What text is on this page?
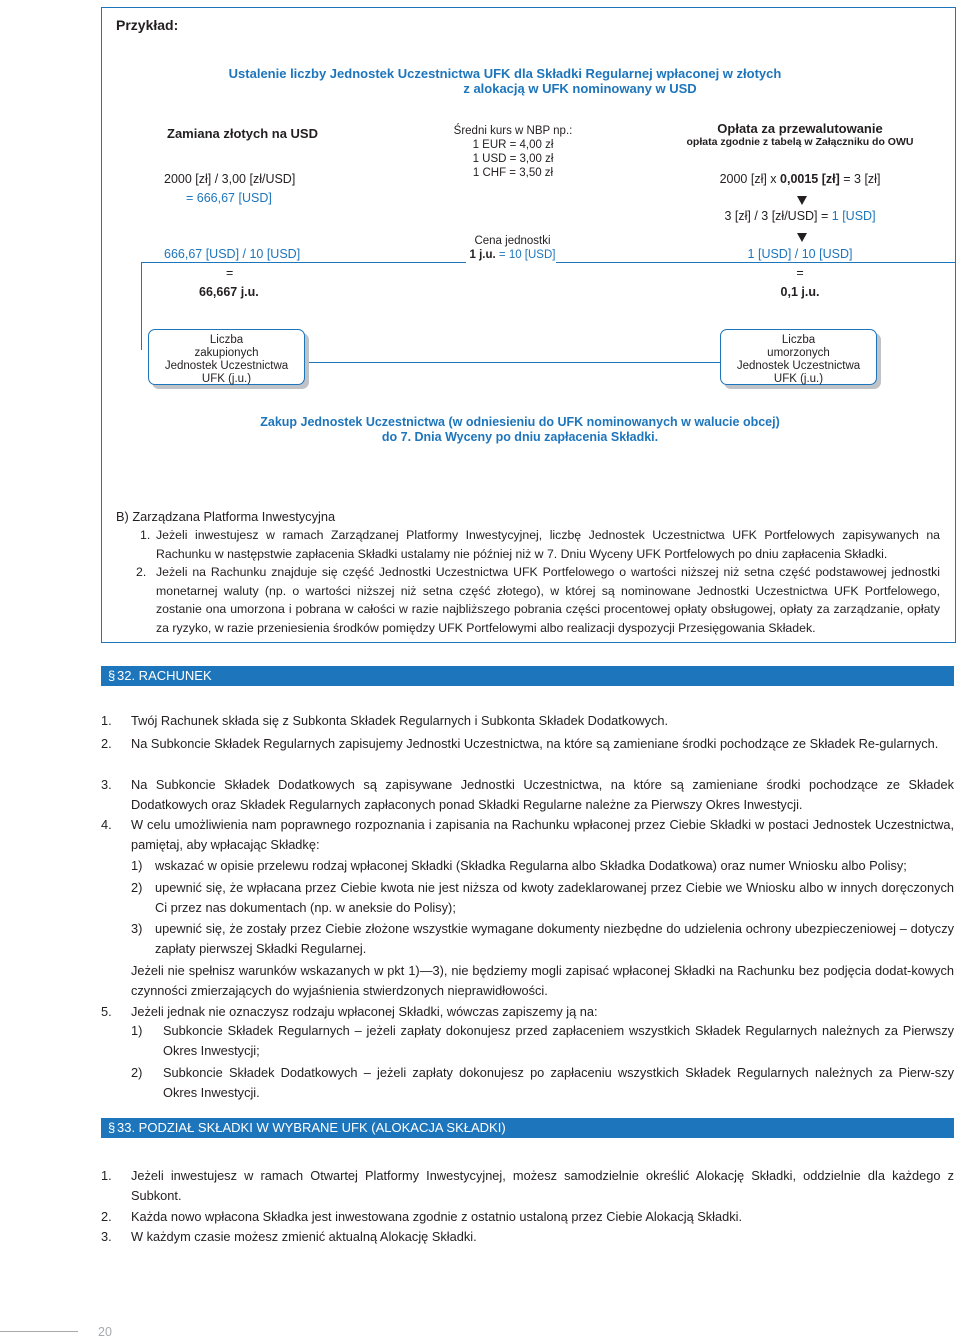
Przykład:
Ustalenie liczby Jednostek Uczestnictwa UFK dla Składki Regularnej wpłaconej w złotych
z alokacją w UFK nominowany w USD
Zamiana złotych na USD
2000 [zł] / 3,00 [zł/USD]
= 666,67 [USD]
666,67 [USD] / 10 [USD]
=
66,667 j.u.
Średni kurs w NBP np.:
1 EUR = 4,00 zł
1 USD = 3,00 zł
1 CHF = 3,50 zł
Cena jednostki
1 j.u. = 10 [USD]
Opłata za przewalutowanie
opłata zgodnie z tabelą w Załączniku do OWU
2000 [zł] x 0,0015 [zł] = 3 [zł]
3 [zł] / 3 [zł/USD] = 1 [USD]
1 [USD] / 10 [USD]
=
0,1 j.u.
Liczba
zakupionych
Jednostek Uczestnictwa
UFK (j.u.)
Liczba
umorzonych
Jednostek Uczestnictwa
UFK (j.u.)
Zakup Jednostek Uczestnictwa (w odniesieniu do UFK nominowanych w walucie obcej)
do 7. Dnia Wyceny po dniu zapłacenia Składki.
B) Zarządzana Platforma Inwestycyjna
1. Jeżeli inwestujesz w ramach Zarządzanej Platformy Inwestycyjnej, liczbę Jednostek Uczestnictwa UFK Portfelowych zapisywanych na Rachunku w następstwie zapłacenia Składki ustalamy nie później niż w 7. Dniu Wyceny UFK Portfelowych po dniu zapłacenia Składki.
2. Jeżeli na Rachunku znajduje się część Jednostki Uczestnictwa UFK Portfelowego o wartości niższej niż setna część podstawowej jednostki monetarnej waluty (np. o wartości niższej niż setna część złotego), w której są nominowane Jednostki Uczestnictwa UFK Portfelowego, zostanie ona umorzona i pobrana w całości w razie najbliższego pobrania części procentowej opłaty obsługowej, opłaty za zarządzanie, opłaty za ryzyko, w razie przeniesienia środków pomiędzy UFK Portfelowymi albo realizacji dyspozycji Przesięgowania Składek.
§ 32. RACHUNEK
1. Twój Rachunek składa się z Subkonta Składek Regularnych i Subkonta Składek Dodatkowych.
2. Na Subkoncie Składek Regularnych zapisujemy Jednostki Uczestnictwa, na które są zamieniane środki pochodzące ze Składek Re-gularnych.
3. Na Subkoncie Składek Dodatkowych są zapisywane Jednostki Uczestnictwa, na które są zamieniane środki pochodzące ze Składek Dodatkowych oraz Składek Regularnych zapłaconych ponad Składki Regularne należne za Pierwszy Okres Inwestycji.
4. W celu umożliwienia nam poprawnego rozpoznania i zapisania na Rachunku wpłaconej przez Ciebie Składki w postaci Jednostek Uczestnictwa, pamiętaj, aby wpłacając Składkę:
1) wskazać w opisie przelewu rodzaj wpłaconej Składki (Składka Regularna albo Składka Dodatkowa) oraz numer Wniosku albo Polisy;
2) upewnić się, że wpłacana przez Ciebie kwota nie jest niższa od kwoty zadeklarowanej przez Ciebie we Wniosku albo w innych doręczonych Ci przez nas dokumentach (np. w aneksie do Polisy);
3) upewnić się, że zostały przez Ciebie złożone wszystkie wymagane dokumenty niezbędne do udzielenia ochrony ubezpieczeniowej – dotyczy zapłaty pierwszej Składki Regularnej.
Jeżeli nie spełnisz warunków wskazanych w pkt 1)—3), nie będziemy mogli zapisać wpłaconej Składki na Rachunku bez podjęcia dodat-kowych czynności zmierzających do wyjaśnienia stwierdzonych nieprawidłowości.
5. Jeżeli jednak nie oznaczysz rodzaju wpłaconej Składki, wówczas zapiszemy ją na:
1) Subkoncie Składek Regularnych – jeżeli zapłaty dokonujesz przed zapłaceniem wszystkich Składek Regularnych należnych za Pierwszy Okres Inwestycji;
2) Subkoncie Składek Dodatkowych – jeżeli zapłaty dokonujesz po zapłaceniu wszystkich Składek Regularnych należnych za Pierw-szy Okres Inwestycji.
§ 33. PODZIAŁ SKŁADKI W WYBRANE UFK (ALOKACJA SKŁADKI)
1. Jeżeli inwestujesz w ramach Otwartej Platformy Inwestycyjnej, możesz samodzielnie określić Alokację Składki, oddzielnie dla każdego z Subkont.
2. Każda nowo wpłacona Składka jest inwestowana zgodnie z ostatnio ustaloną przez Ciebie Alokacją Składki.
3. W każdym czasie możesz zmienić aktualną Alokację Składki.
20
